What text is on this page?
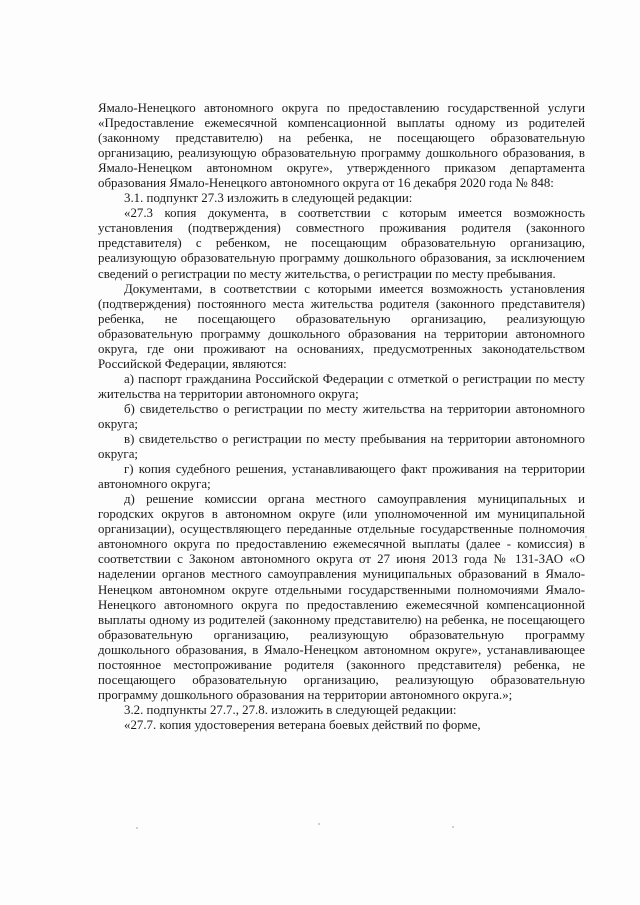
Ямало-Ненецкого автономного округа по предоставлению государственной услуги «Предоставление ежемесячной компенсационной выплаты одному из родителей (законному представителю) на ребенка, не посещающего образовательную организацию, реализующую образовательную программу дошкольного образования, в Ямало-Ненецком автономном округе», утвержденного приказом департамента образования Ямало-Ненецкого автономного округа от 16 декабря 2020 года № 848:

3.1. подпункт 27.3 изложить в следующей редакции:

«27.3 копия документа, в соответствии с которым имеется возможность установления (подтверждения) совместного проживания родителя (законного представителя) с ребенком, не посещающим образовательную организацию, реализующую образовательную программу дошкольного образования, за исключением сведений о регистрации по месту жительства, о регистрации по месту пребывания.

Документами, в соответствии с которыми имеется возможность установления (подтверждения) постоянного места жительства родителя (законного представителя) ребенка, не посещающего образовательную организацию, реализующую образовательную программу дошкольного образования на территории автономного округа, где они проживают на основаниях, предусмотренных законодательством Российской Федерации, являются:

а) паспорт гражданина Российской Федерации с отметкой о регистрации по месту жительства на территории автономного округа;

б) свидетельство о регистрации по месту жительства на территории автономного округа;

в) свидетельство о регистрации по месту пребывания на территории автономного округа;

г) копия судебного решения, устанавливающего факт проживания на территории автономного округа;

д) решение комиссии органа местного самоуправления муниципальных и городских округов в автономном округе (или уполномоченной им муниципальной организации), осуществляющего переданные отдельные государственные полномочия автономного округа по предоставлению ежемесячной выплаты (далее - комиссия) в соответствии с Законом автономного округа от 27 июня 2013 года № 131-ЗАО «О наделении органов местного самоуправления муниципальных образований в Ямало-Ненецком автономном округе отдельными государственными полномочиями Ямало-Ненецкого автономного округа по предоставлению ежемесячной компенсационной выплаты одному из родителей (законному представителю) на ребенка, не посещающего образовательную организацию, реализующую образовательную программу дошкольного образования, в Ямало-Ненецком автономном округе», устанавливающее постоянное местопроживание родителя (законного представителя) ребенка, не посещающего образовательную организацию, реализующую образовательную программу дошкольного образования на территории автономного округа.»;

3.2. подпункты 27.7., 27.8. изложить в следующей редакции:

«27.7. копия удостоверения ветерана боевых действий по форме,
